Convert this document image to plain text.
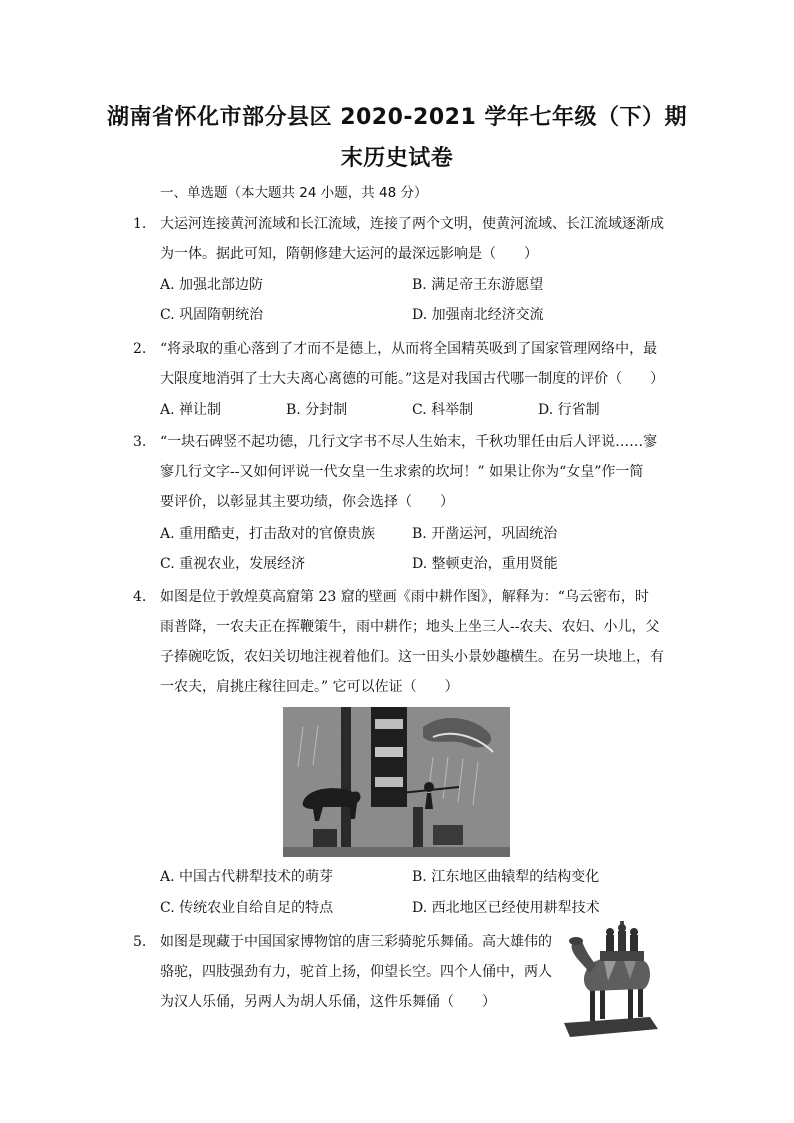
湖南省怀化市部分县区 2020-2021 学年七年级（下）期
末历史试卷
一、单选题（本大题共 24 小题，共 48 分）
1. 大运河连接黄河流域和长江流域，连接了两个文明，使黄河流域、长江流域逐渐成
为一体。据此可知，隋朝修建大运河的最深远影响是（　　）
A. 加强北部边防	B. 满足帝王东游愿望
C. 巩固隋朝统治	D. 加强南北经济交流
2. “将录取的重心落到了才而不是德上，从而将全国精英吸到了国家管理网络中，最
大限度地消弭了士大夫离心离德的可能。”这是对我国古代哪一制度的评价（　　）
A. 禅让制	B. 分封制	C. 科举制	D. 行省制
3. “一块石碑竖不起功德，几行文字书不尽人生始末，千秋功罪任由后人评说……寥
寥几行文字--又如何评说一代女皇一生求索的坎坷！” 如果让你为“女皇”作一简
要评价，以彰显其主要功绩，你会选择（　　）
A. 重用酷吏，打击敌对的官僚贵族	B. 开凿运河，巩固统治
C. 重视农业，发展经济	D. 整顿吏治，重用贤能
4. 如图是位于敦煌莫高窟第 23 窟的壁画《雨中耕作图》，解释为：“乌云密布，时
雨普降，一农夫正在挥鞭策牛，雨中耕作；地头上坐三人--农夫、农妇、小儿，父
子捧碗吃饭，农妇关切地注视着他们。这一田头小景妙趣横生。在另一块地上，有
一农夫，肩挑庄稼往回走。” 它可以佐证（　　）
A. 中国古代耕犁技术的萌芽	B. 江东地区曲辕犁的结构变化
C. 传统农业自给自足的特点	D. 西北地区已经使用耕犁技术
5. 如图是现藏于中国国家博物馆的唐三彩骑驼乐舞俑。高大雄伟的
骆驼，四肢强劲有力，驼首上扬，仰望长空。四个人俑中，两人
为汉人乐俑，另两人为胡人乐俑，这件乐舞俑（　　）
